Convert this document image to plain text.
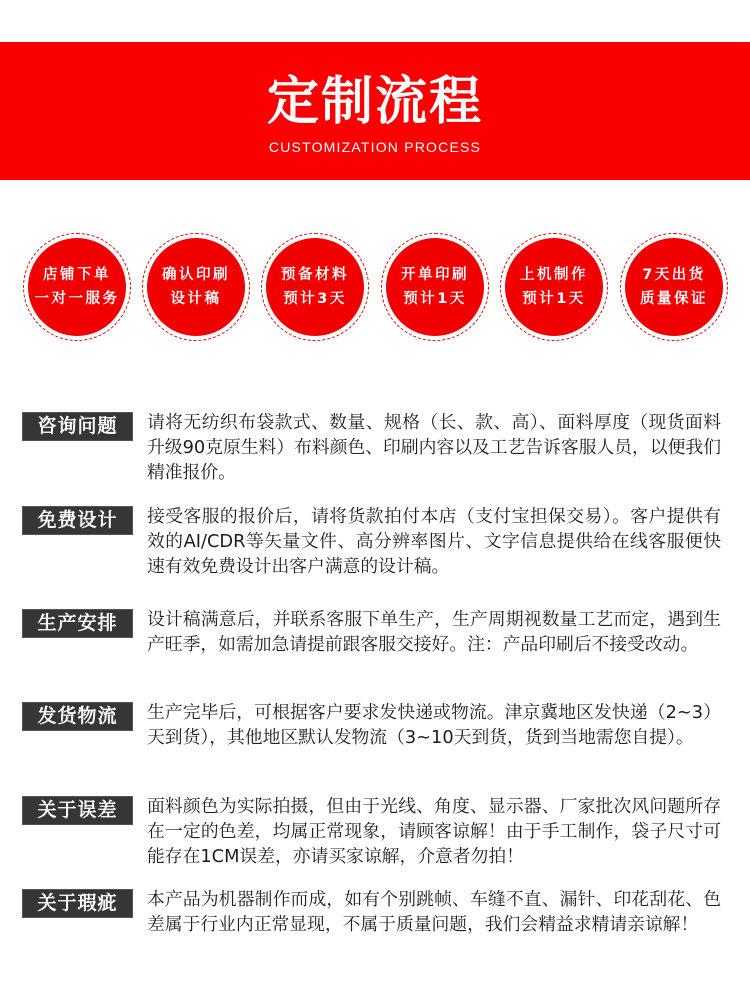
定制流程
CUSTOMIZATION PROCESS
店铺下单
一对一服务
确认印刷
设计稿
预备材料
预计3天
开单印刷
预计1天
上机制作
预计1天
7天出货
质量保证
咨询问题	请将无纺织布袋款式、数量、规格（长、款、高）、面料厚度（现货面料升级90克原生料）布料颜色、印刷内容以及工艺告诉客服人员，以便我们精准报价。
免费设计	接受客服的报价后，请将货款拍付本店（支付宝担保交易）。客户提供有效的AI/CDR等矢量文件、高分辨率图片、文字信息提供给在线客服便快速有效免费设计出客户满意的设计稿。
生产安排	设计稿满意后，并联系客服下单生产，生产周期视数量工艺而定，遇到生产旺季，如需加急请提前跟客服交接好。注：产品印刷后不接受改动。
发货物流	生产完毕后，可根据客户要求发快递或物流。津京冀地区发快递（2~3）天到货），其他地区默认发物流（3~10天到货，货到当地需您自提）。
关于误差	面料颜色为实际拍摄，但由于光线、角度、显示器、厂家批次风问题所存在一定的色差，均属正常现象，请顾客谅解！由于手工制作，袋子尺寸可能存在1CM误差，亦请买家谅解，介意者勿拍！
关于瑕疵	本产品为机器制作而成，如有个别跳帧、车缝不直、漏针、印花刮花、色差属于行业内正常显现，不属于质量问题，我们会精益求精请亲谅解！
